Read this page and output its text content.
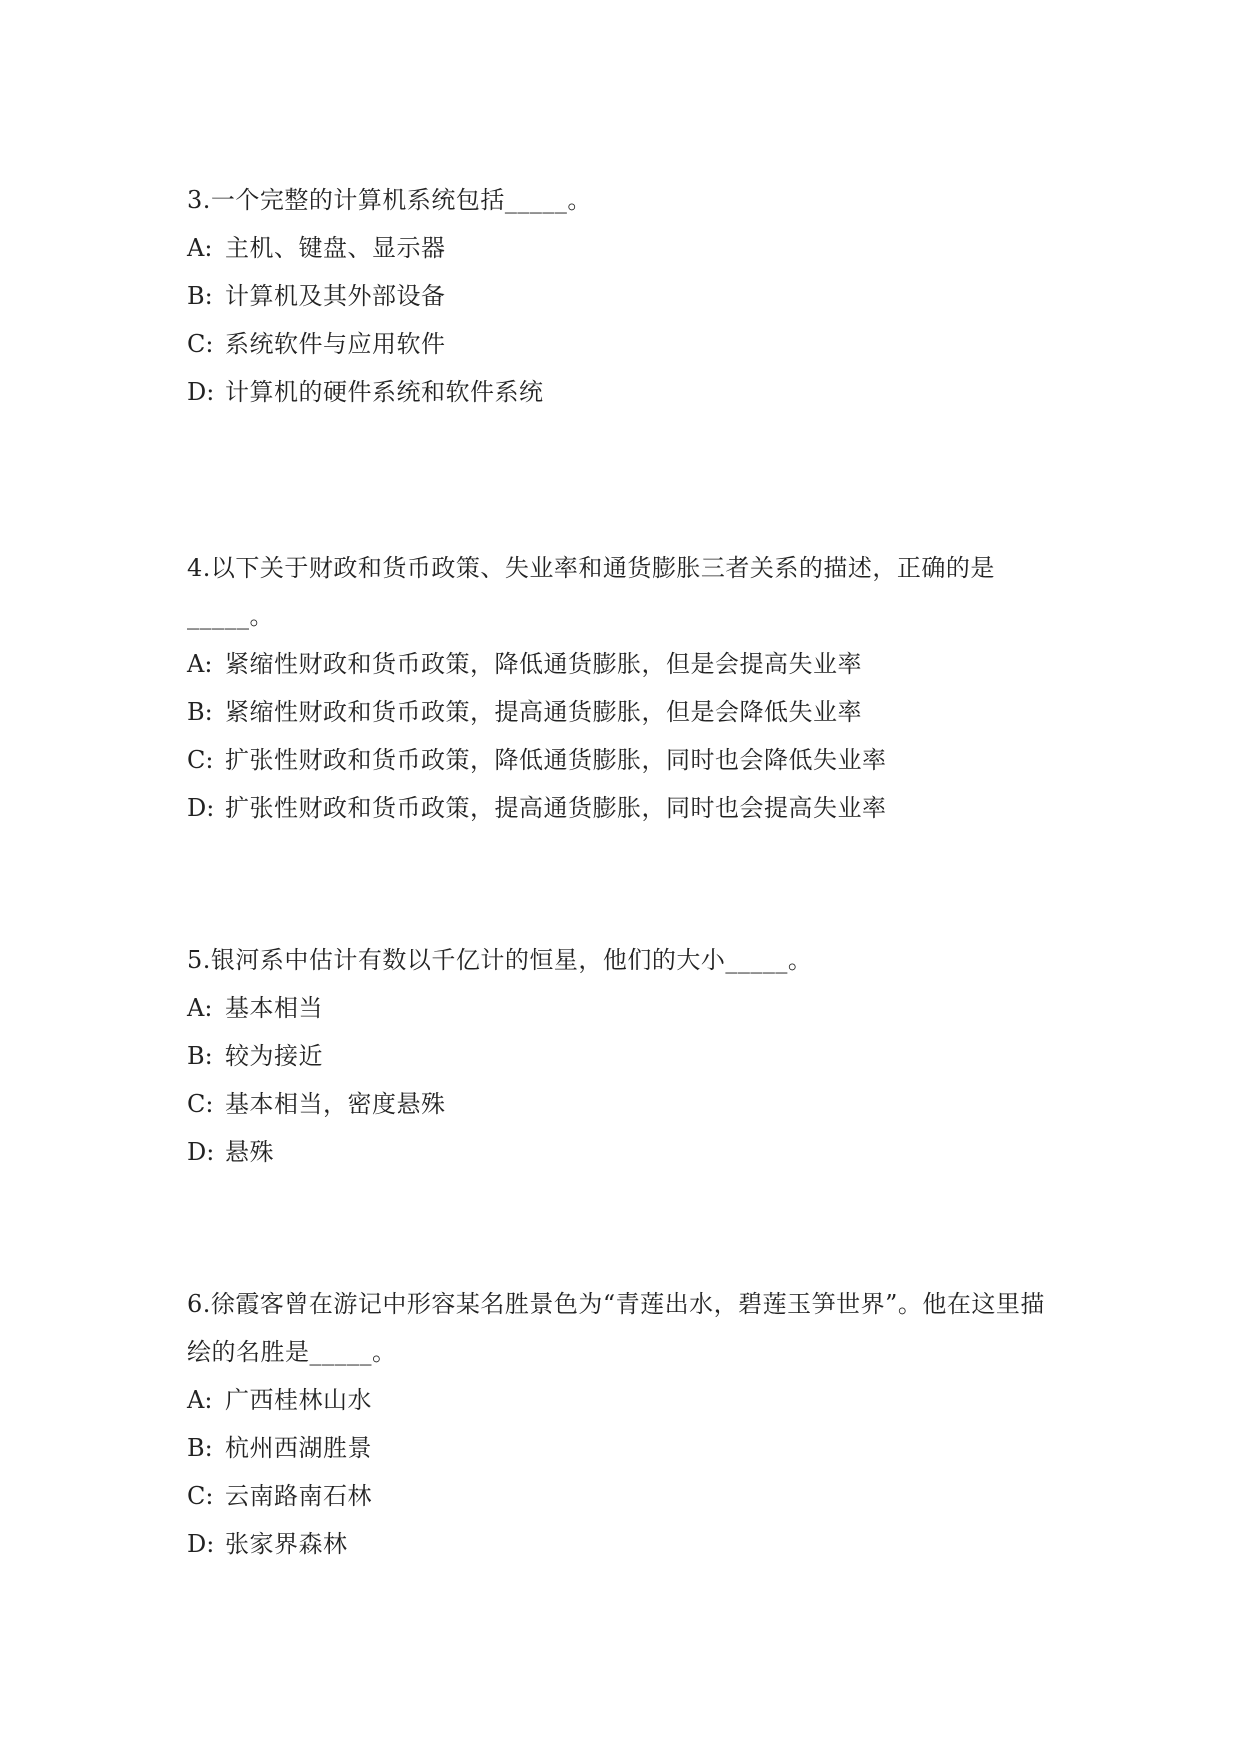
3.一个完整的计算机系统包括_____。

A: 主机、键盘、显示器
B: 计算机及其外部设备
C: 系统软件与应用软件
D: 计算机的硬件系统和软件系统

4.以下关于财政和货币政策、失业率和通货膨胀三者关系的描述，正确的是_____。

A: 紧缩性财政和货币政策，降低通货膨胀，但是会提高失业率
B: 紧缩性财政和货币政策，提高通货膨胀，但是会降低失业率
C: 扩张性财政和货币政策，降低通货膨胀，同时也会降低失业率
D: 扩张性财政和货币政策，提高通货膨胀，同时也会提高失业率

5.银河系中估计有数以千亿计的恒星，他们的大小_____。

A: 基本相当
B: 较为接近
C: 基本相当，密度悬殊
D: 悬殊

6.徐霞客曾在游记中形容某名胜景色为“青莲出水，碧莲玉笋世界”。他在这里描绘的名胜是_____。

A: 广西桂林山水
B: 杭州西湖胜景
C: 云南路南石林
D: 张家界森林
